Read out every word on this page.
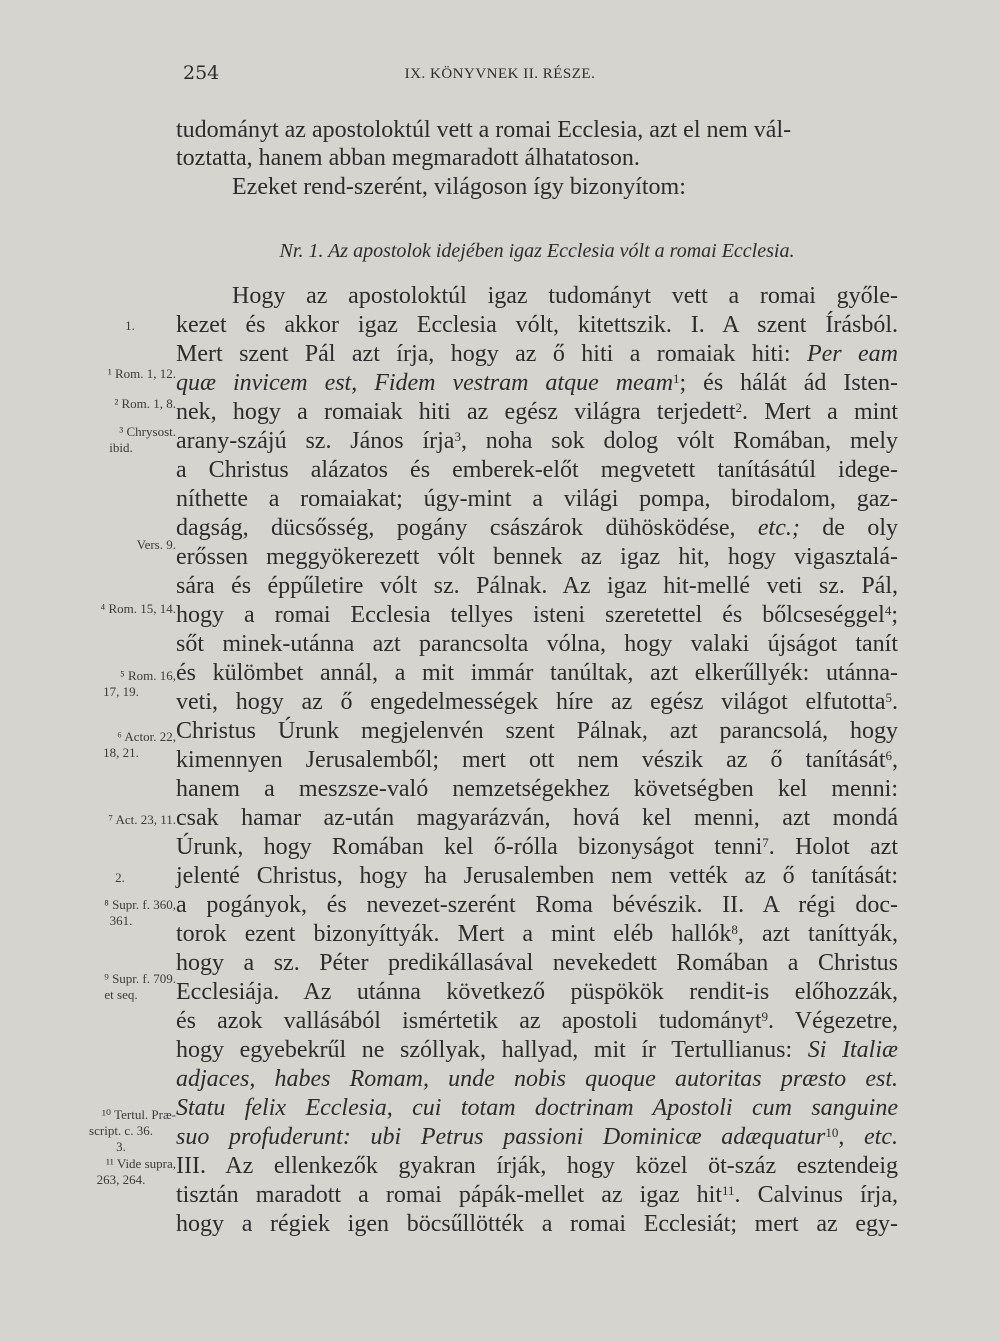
254	IX. KÖNYVNEK II. RÉSZE.
tudományt az apostoloktúl vett a romai Ecclesia, azt el nem vál-
toztatta, hanem abban megmaradott álhatatoson.
Ezeket rend-szerént, világoson így bizonyítom:
Nr. 1. Az apostolok idejében igaz Ecclesia vólt a romai Ecclesia.
Hogy az apostoloktúl igaz tudományt vett a romai győle-
kezet és akkor igaz Ecclesia vólt, kitettszik. I. A szent Írásból.
Mert szent Pál azt írja, hogy az ő hiti a romaiak hiti: Per eam
quæ invicem est, Fidem vestram atque meam$^1$; és hálát ád Isten-
nek, hogy a romaiak hiti az egész világra terjedett$^2$. Mert a mint
arany-szájú sz. János írja$^3$, noha sok dolog vólt Romában, mely
a Christus alázatos és emberek-előt megvetett tanításátúl idege-
níthette a romaiakat; úgy-mint a világi pompa, birodalom, gaz-
dagság, dücsősség, pogány császárok dühösködése, etc.; de oly
erőssen meggyökerezett vólt bennek az igaz hit, hogy vigasztalá-
sára és éppűletire vólt sz. Pálnak. Az igaz hit-mellé veti sz. Pál,
hogy a romai Ecclesia tellyes isteni szeretettel és bőlcseséggel$^4$;
sőt minek-utánna azt parancsolta vólna, hogy valaki újságot tanít
és külömbet annál, a mit immár tanúltak, azt elkerűllyék: utánna-
veti, hogy az ő engedelmességek híre az egész világot elfutotta$^5$.
Christus Úrunk megjelenvén szent Pálnak, azt parancsolá, hogy
kimennyen Jerusalemből; mert ott nem vészik az ő tanítását$^6$,
hanem a meszsze-való nemzetségekhez követségben kel menni:
csak hamar az-után magyarázván, hová kel menni, azt mondá
Úrunk, hogy Romában kel ő-rólla bizonyságot tenni$^7$. Holot azt
jelenté Christus, hogy ha Jerusalemben nem vették az ő tanítását:
a pogányok, és nevezet-szerént Roma bévészik. II. A régi doc-
torok ezent bizonyíttyák. Mert a mint eléb hallók$^8$, azt taníttyák,
hogy a sz. Péter predikállasával nevekedett Romában a Christus
Ecclesiája. Az utánna következő püspökök rendit-is előhozzák,
és azok vallásából ismértetik az apostoli tudományt$^9$. Végezetre,
hogy egyebekrűl ne szóllyak, hallyad, mit ír Tertullianus: Si Italiæ
adjaces, habes Romam, unde nobis quoque autoritas præsto est.
Statu felix Ecclesia, cui totam doctrinam Apostoli cum sanguine
suo profuderunt: ubi Petrus passioni Dominicæ adæquatur$^{10}$, etc.
III. Az ellenkezők gyakran írják, hogy közel öt-száz esztendeig
tisztán maradott a romai pápák-mellet az igaz hit$^{11}$. Calvinus írja,
hogy a régiek igen böcsűllötték a romai Ecclesiát; mert az egy-
1.
¹ Rom. 1, 12.
² Rom. 1, 8.
³ Chrysost.
ibid.
Vers. 9.
⁴ Rom. 15, 14.
⁵ Rom. 16,
17, 19.
⁶ Actor. 22,
18, 21.
⁷ Act. 23, 11.
2.
⁸ Supr. f. 360,
361.
⁹ Supr. f. 709.
et seq.
¹⁰ Tertul. Præ-
script. c. 36.
3.
¹¹ Vide supra,
263, 264.
